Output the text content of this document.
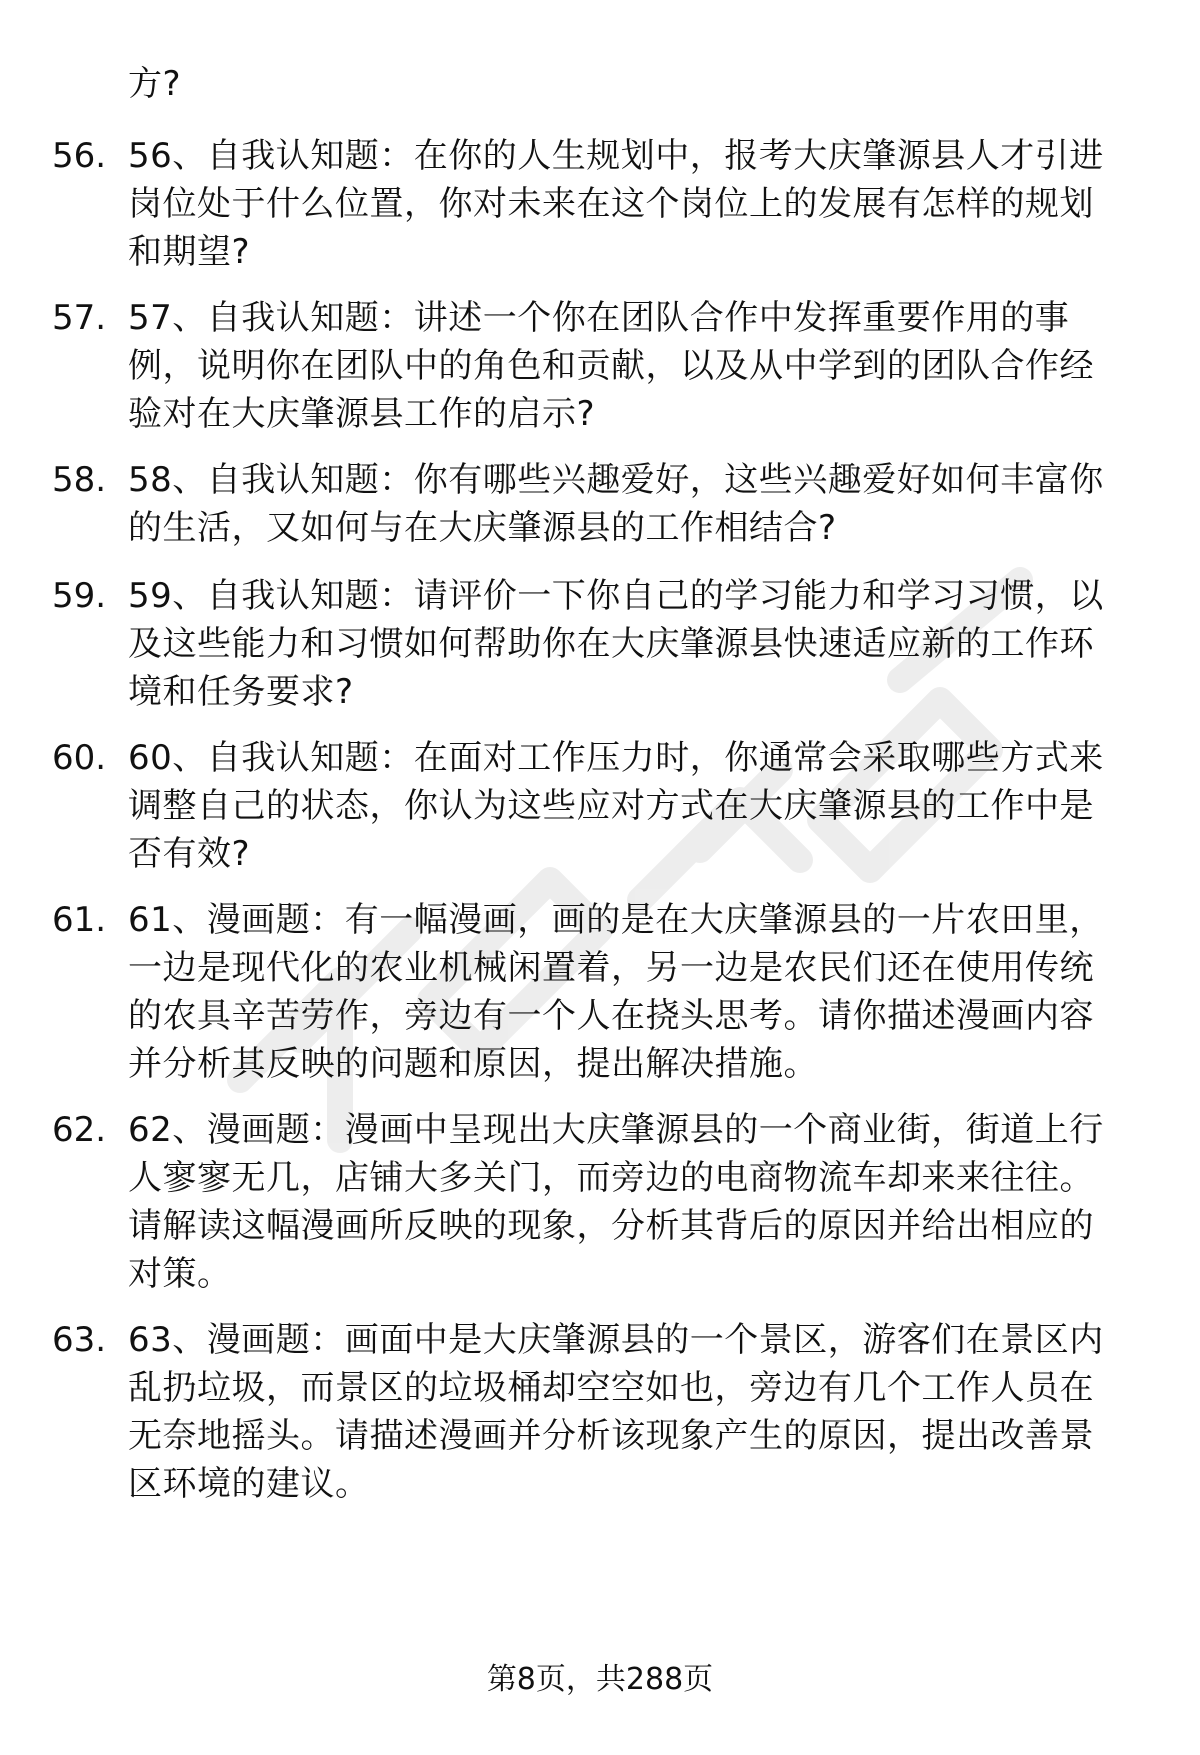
方?
56. 56、自我认知题：在你的人生规划中，报考大庆肇源县人才引进
岗位处于什么位置，你对未来在这个岗位上的发展有怎样的规划
和期望?
57. 57、自我认知题：讲述一个你在团队合作中发挥重要作用的事
例，说明你在团队中的角色和贡献，以及从中学到的团队合作经
验对在大庆肇源县工作的启示?
58. 58、自我认知题：你有哪些兴趣爱好，这些兴趣爱好如何丰富你
的生活，又如何与在大庆肇源县的工作相结合?
59. 59、自我认知题：请评价一下你自己的学习能力和学习习惯，以
及这些能力和习惯如何帮助你在大庆肇源县快速适应新的工作环
境和任务要求?
60. 60、自我认知题：在面对工作压力时，你通常会采取哪些方式来
调整自己的状态，你认为这些应对方式在大庆肇源县的工作中是
否有效?
61. 61、漫画题：有一幅漫画，画的是在大庆肇源县的一片农田里，
一边是现代化的农业机械闲置着，另一边是农民们还在使用传统
的农具辛苦劳作，旁边有一个人在挠头思考。请你描述漫画内容
并分析其反映的问题和原因，提出解决措施。
62. 62、漫画题：漫画中呈现出大庆肇源县的一个商业街，街道上行
人寥寥无几，店铺大多关门，而旁边的电商物流车却来来往往。
请解读这幅漫画所反映的现象，分析其背后的原因并给出相应的
对策。
63. 63、漫画题：画面中是大庆肇源县的一个景区，游客们在景区内
乱扔垃圾，而景区的垃圾桶却空空如也，旁边有几个工作人员在
无奈地摇头。请描述漫画并分析该现象产生的原因，提出改善景
区环境的建议。
第8页，共288页
